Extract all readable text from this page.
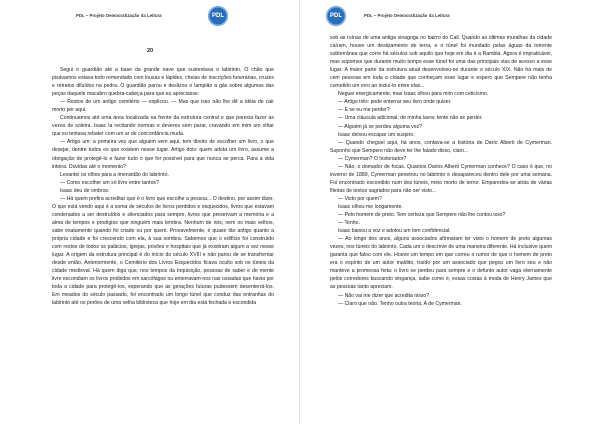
PDL – Projeto Democratização da Leitura	PDL
20

Segui o guardião até a base da grande nave que sustentava o labirinto. O chão que pisávamos estava todo remendado com lousas e lápides, cheias de inscrições funerárias, cruzes e retratos diluídos na pedra. O guardião parou e deslizou o lampião a gás sobre algumas das peças daquele macabro quebra-cabeça para que eu apreciasse.

— Restos de um antigo cemitério — explicou. — Mas que isso não lhe dê a idéia de cair morto por aqui.

Continuamos até uma área localizada na frente da estrutura central e que parecia fazer as vezes de soleira. Isaac la recitando normas e deveres sem parar, cravando em mim um olhar que eu tentava rebater com um ar de concordância muda.

— Artigo um: a primeira vez que alguém vem aqui, tem direito de escolher um livro, o que desejar, dentre todos os que existem nesse lugar. Artigo dois: quem adota um livro, assume a obrigação de protegê-lo e fazer tudo o que for possível para que nunca se perca. Para a vida inteira. Dúvidas até o momento?

Levantei os olhos para a imensidão do labirinto.

— Como escolher um só livro entre tantos?

Isaac deu de ombros.

— Há quem prefira acreditar que é o livro que escolhe a pessoa... O destino, por assim dizer. O que está vendo aqui é a soma de séculos de livros perdidos e esquecidos, livros que estavam condenados a ser destruídos e silenciados para sempre, livros que preservam a memória e a alma de tempos e prodígios que ninguém mais lembra. Nenhum de nós, nem os mais velhos, sabe exatamente quando foi criado ou por quem. Provavelmente, é quase tão antigo quanto a própria cidade e foi crescendo com ela, à sua sombra. Sabemos que o edifício foi construído com restos de todos os palácios, igrejas, prisões e hospitais que já existiram algum a vez nesse lugar. A origem da estrutura principal é do início do século XVIII e não parou de se transformar desde então. Anteriormente, o Cemitério dos Livros Esquecidos ficava oculto sob os túneis da cidade medieval. Há quem diga que, nos tempos da Inquisição, pessoas de saber e de mente livre escondiam os livros proibidos em sarcófagos ou enterravam-nos nas ossadas que havia por toda a cidade para protegê-los, esperando que as gerações futuras pudessem desenterrá-los. Em meados do século passado, foi encontrado um longo túnel que conduz das entranhas do labirinto até os porões de uma velha biblioteca que hoje em dia está fechada e escondida

PDL – Projeto Democratização da Leitura
PDL

sob as ruínas de uma antiga sinagoga no bairro do Call. Quando as últimas muralhas da cidade caíram, houve um deslizamento de terra, e o túnel foi inundado pelas águas da torrente subterrânea que corre há séculos sob aquilo que hoje em dia é a Rambla. Agora é impraticável, mas supomos que durante muito tempo esse túnel foi uma das principais vias de acesso a esse lugar. A maior parte da estrutura atual desenvolveu-se durante o século XIX. Não há mais de cem pessoas em toda a cidade que conheçam esse lugar e espero que Sempere não tenha cometido um erro ao incluí-lo entre elas...

Neguei energicamente, mas Isaac olhou para mim com ceticismo.

— Artigo três: pode enterrar seu livro onde quiser.

— E se eu me perder?

— Uma cláusula adicional, de minha lavra: tente não se perder.

— Alguém já se perdeu alguma vez?

Isaac deixou escapar um suspiro.

— Quando cheguei aqui, há anos, contava-se a história de Darío Alberti de Cymerman. Suponho que Sempere não deve ter lhe falado disso, claro...

— Cymerman? O historiador?

— Não, o domador de focas. Quantos Darios Alberti Cymerman conhece? O caso é que, no inverno de 1889, Cymerman penetrou no labirinto e desapareceu dentro dele por uma semana. Foi encontrado escondido num dos túneis, meio morto de terror. Emparedou-se atrás de várias fileiras de textos sagrados para não ser visto...

— Visto por quem?

Isaac olhou-me longamente.

— Pelo homem de preto. Tem certeza que Sempere não lhe contou isso?

— Tenho.

Isaac baixou a voz e adotou um tom confidencial.

— Ao longo dos anos, alguns associados afirmaram ter visto o homem de preto algumas vezes, nos túneis do labirinto. Cada um o descreve de uma maneira diferente. Há inclusive quem garanta que falou com ele. Houve um tempo em que correu o rumor de que o homem de preto era o espírito de um autor maldito, traído por um associado que pegou um livro seu e não manteve a promessa feita: o livro se perdeu para sempre e o defunto autor vaga eternamente pelos corredores buscando vingança, sabe como é, essas coisas à moda de Henry James que as pessoas tanto apreciam.

— Não vai me dizer que acredita nisso?

— Claro que não. Tenho outra teoria. A de Cymerman.
